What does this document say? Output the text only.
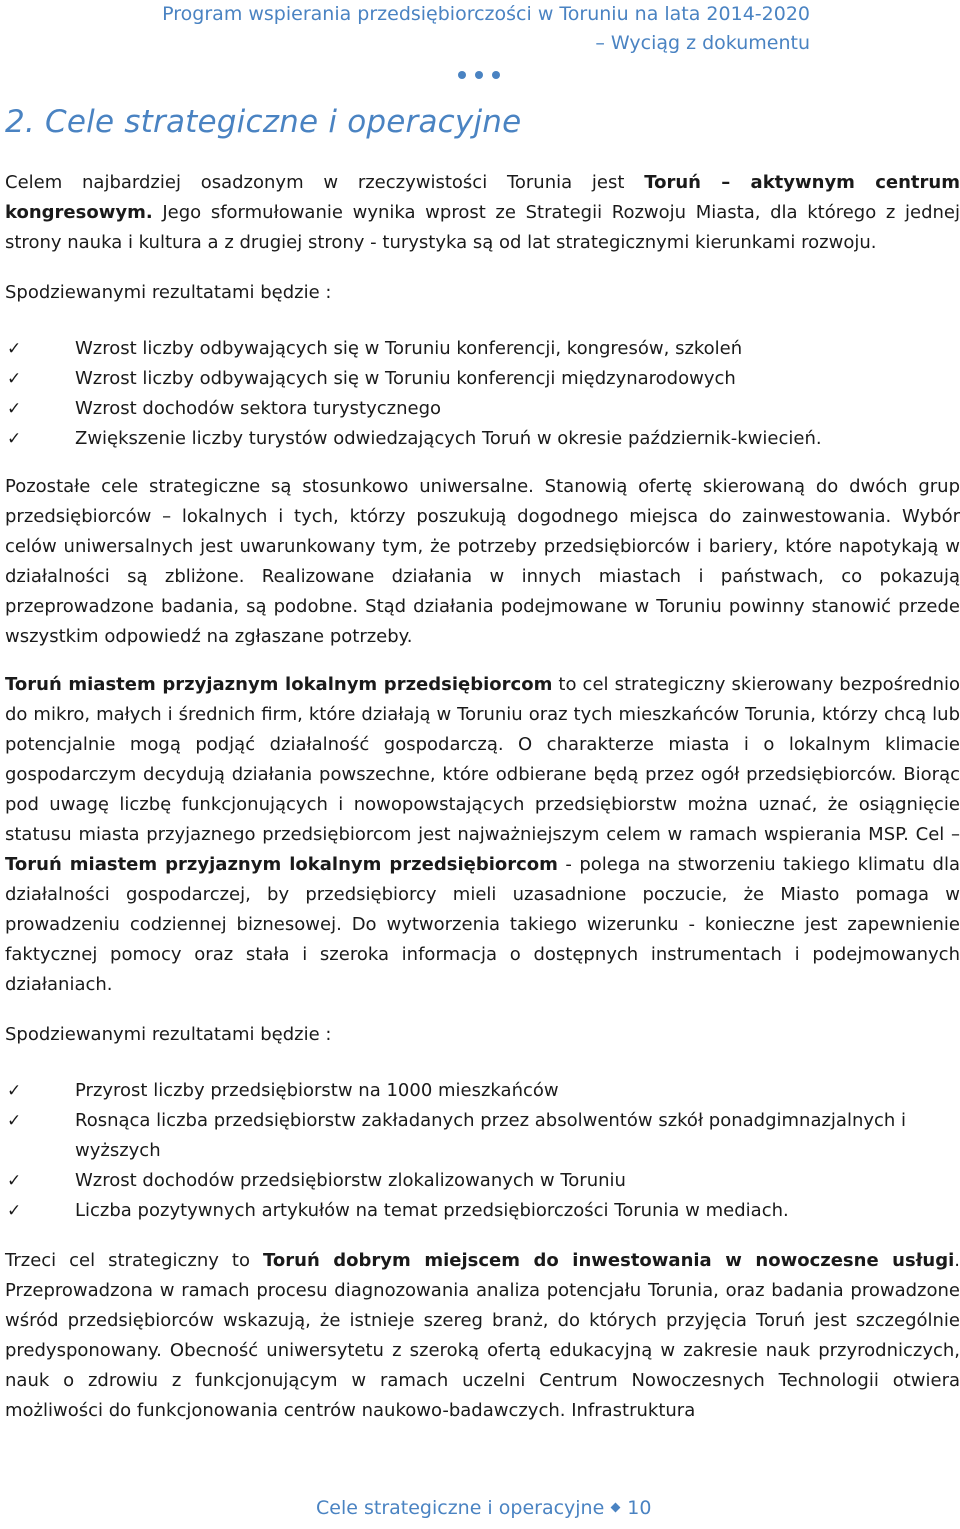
Program wspierania przedsiębiorczości w Toruniu na lata 2014-2020
– Wyciąg z dokumentu
2. Cele strategiczne i operacyjne

Celem najbardziej osadzonym w rzeczywistości Torunia jest Toruń – aktywnym centrum kongresowym. Jego sformułowanie wynika wprost ze Strategii Rozwoju Miasta, dla którego z jednej strony nauka i kultura a z drugiej strony - turystyka są od lat strategicznymi kierunkami rozwoju.

Spodziewanymi rezultatami będzie :

✓	Wzrost liczby odbywających się w Toruniu konferencji, kongresów, szkoleń
✓	Wzrost liczby odbywających się w Toruniu konferencji międzynarodowych
✓	Wzrost dochodów sektora turystycznego
✓	Zwiększenie liczby turystów odwiedzających Toruń w okresie październik-kwiecień.

Pozostałe cele strategiczne są stosunkowo uniwersalne. Stanowią ofertę skierowaną do dwóch grup przedsiębiorców – lokalnych i tych, którzy poszukują dogodnego miejsca do zainwestowania. Wybór celów uniwersalnych jest uwarunkowany tym, że potrzeby przedsiębiorców i bariery, które napotykają w działalności są zbliżone. Realizowane działania w innych miastach i państwach, co pokazują przeprowadzone badania, są podobne. Stąd działania podejmowane w Toruniu powinny stanowić przede wszystkim odpowiedź na zgłaszane potrzeby.

Toruń miastem przyjaznym lokalnym przedsiębiorcom to cel strategiczny skierowany bezpośrednio do mikro, małych i średnich firm, które działają w Toruniu oraz tych mieszkańców Torunia, którzy chcą lub potencjalnie mogą podjąć działalność gospodarczą. O charakterze miasta i o lokalnym klimacie gospodarczym decydują działania powszechne, które odbierane będą przez ogół przedsiębiorców. Biorąc pod uwagę liczbę funkcjonujących i nowopowstających przedsiębiorstw można uznać, że osiągnięcie statusu miasta przyjaznego przedsiębiorcom jest najważniejszym celem w ramach wspierania MSP. Cel – Toruń miastem przyjaznym lokalnym przedsiębiorcom - polega na stworzeniu takiego klimatu dla działalności gospodarczej, by przedsiębiorcy mieli uzasadnione poczucie, że Miasto pomaga w prowadzeniu codziennej biznesowej. Do wytworzenia takiego wizerunku - konieczne jest zapewnienie faktycznej pomocy oraz stała i szeroka informacja o dostępnych instrumentach i podejmowanych działaniach.

Spodziewanymi rezultatami będzie :

✓	Przyrost liczby przedsiębiorstw na 1000 mieszkańców
✓	Rosnąca liczba przedsiębiorstw zakładanych przez absolwentów szkół ponadgimnazjalnych i wyższych
✓	Wzrost dochodów przedsiębiorstw zlokalizowanych w Toruniu
✓	Liczba pozytywnych artykułów na temat przedsiębiorczości Torunia w mediach.

Trzeci cel strategiczny to Toruń dobrym miejscem do inwestowania w nowoczesne usługi. Przeprowadzona w ramach procesu diagnozowania analiza potencjału Torunia, oraz badania prowadzone wśród przedsiębiorców wskazują, że istnieje szereg branż, do których przyjęcia Toruń jest szczególnie predysponowany. Obecność uniwersytetu z szeroką ofertą edukacyjną w zakresie nauk przyrodniczych, nauk o zdrowiu z funkcjonującym w ramach uczelni Centrum Nowoczesnych Technologii otwiera możliwości do funkcjonowania centrów naukowo-badawczych. Infrastruktura

Cele strategiczne i operacyjne 10
